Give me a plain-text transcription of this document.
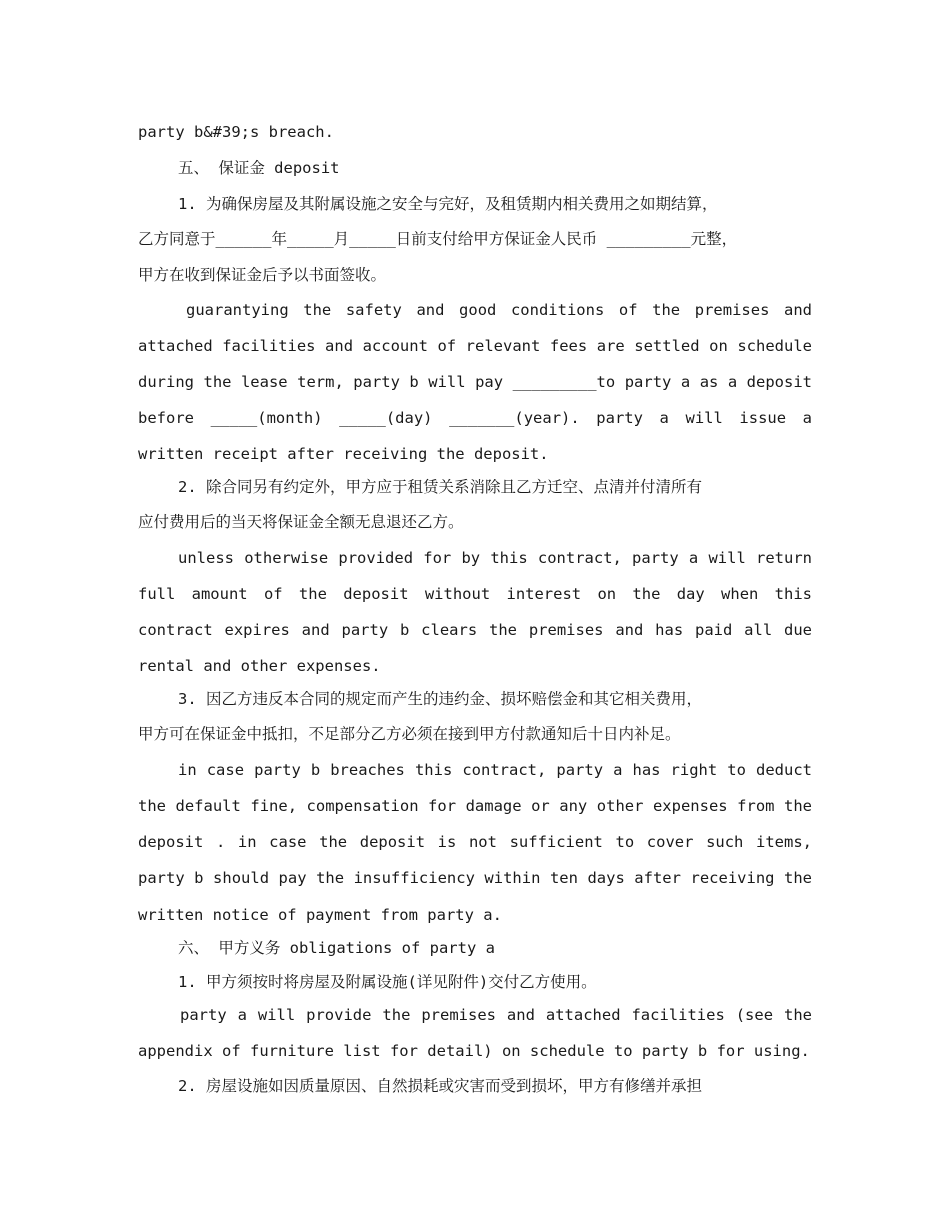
party b&#39;s breach.
五、 保证金 deposit
1. 为确保房屋及其附属设施之安全与完好，及租赁期内相关费用之如期结算，
乙方同意于______年_____月_____日前支付给甲方保证金人民币 _________元整，
甲方在收到保证金后予以书面签收。
guarantying the safety and good conditions of the premises and
attached facilities and account of relevant fees are settled on schedule
during the lease term, party b will pay _________to party a as a deposit
before _____(month) _____(day) _______(year). party a will issue a
written receipt after receiving the deposit.
2. 除合同另有约定外，甲方应于租赁关系消除且乙方迁空、点清并付清所有
应付费用后的当天将保证金全额无息退还乙方。
unless otherwise provided for by this contract, party a will return
full amount of the deposit without interest on the day when this
contract expires and party b clears the premises and has paid all due
rental and other expenses.
3. 因乙方违反本合同的规定而产生的违约金、损坏赔偿金和其它相关费用，
甲方可在保证金中抵扣，不足部分乙方必须在接到甲方付款通知后十日内补足。
in case party b breaches this contract, party a has right to deduct
the default fine, compensation for damage or any other expenses from the
deposit . in case the deposit is not sufficient to cover such items,
party b should pay the insufficiency within ten days after receiving the
written notice of payment from party a.
六、 甲方义务 obligations of party a
1. 甲方须按时将房屋及附属设施(详见附件)交付乙方使用。
party a will provide the premises and attached facilities (see the
appendix of furniture list for detail) on schedule to party b for using.
2. 房屋设施如因质量原因、自然损耗或灾害而受到损坏，甲方有修缮并承担
